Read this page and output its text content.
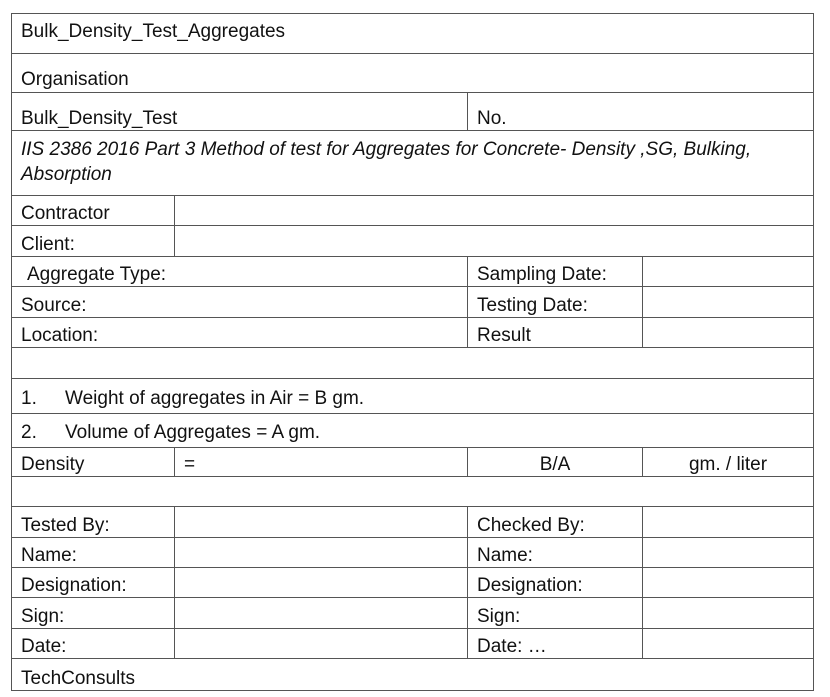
Bulk_Density_Test_Aggregates
Organisation
Bulk_Density_Test	No.
IIS 2386 2016 Part 3 Method of test for Aggregates for Concrete- Density ,SG, Bulking, Absorption
Contractor
Client:
Aggregate Type:	Sampling Date:
Source:	Testing Date:
Location:	Result
1.	Weight of aggregates in Air = B gm.
2.	Volume of Aggregates = A gm.
Density	=	B/A	gm. / liter
Tested By:	Checked By:
Name:	Name:
Designation:	Designation:
Sign:	Sign:
Date:	Date: …
TechConsults
